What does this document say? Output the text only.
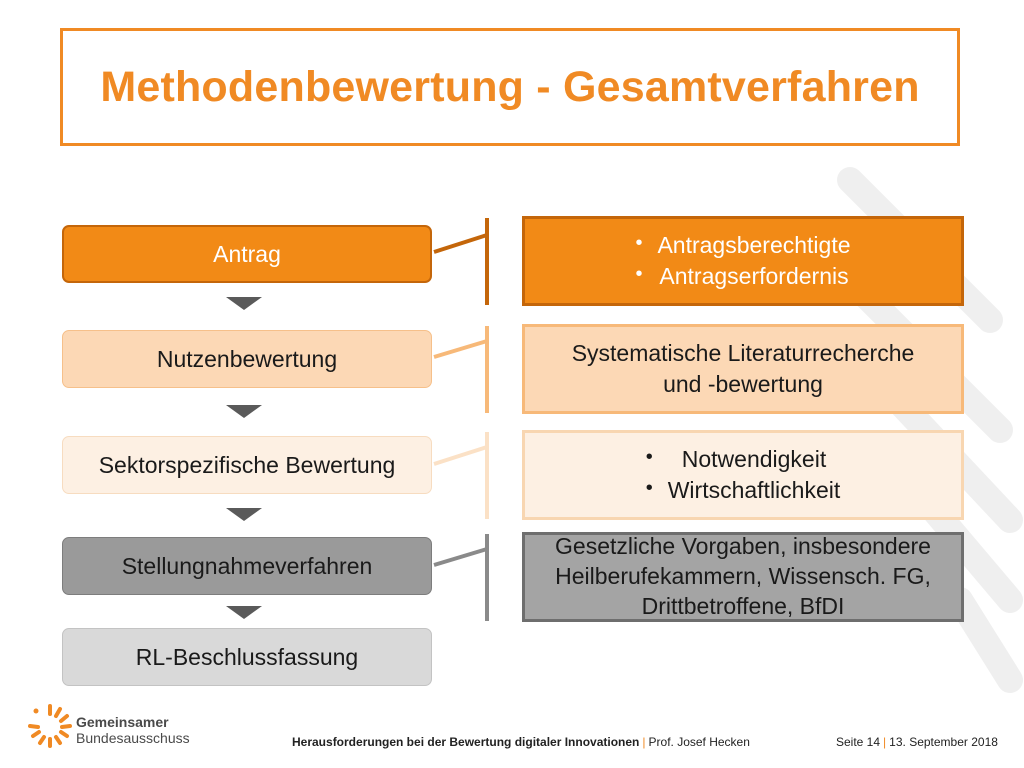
Methodenbewertung - Gesamtverfahren
Antrag
Nutzenbewertung
Sektorspezifische Bewertung
Stellungnahmeverfahren
RL-Beschlussfassung
• Antragsberechtigte
• Antragserfordernis
Systematische Literaturrecherche
und -bewertung
• Notwendigkeit
• Wirtschaftlichkeit
Gesetzliche Vorgaben, insbesondere
Heilberufekammern, Wissensch. FG,
Drittbetroffene, BfDI
Gemeinsamer
Bundesausschuss	Herausforderungen bei der Bewertung digitaler Innovationen | Prof. Josef Hecken	Seite 14 | 13. September 2018
